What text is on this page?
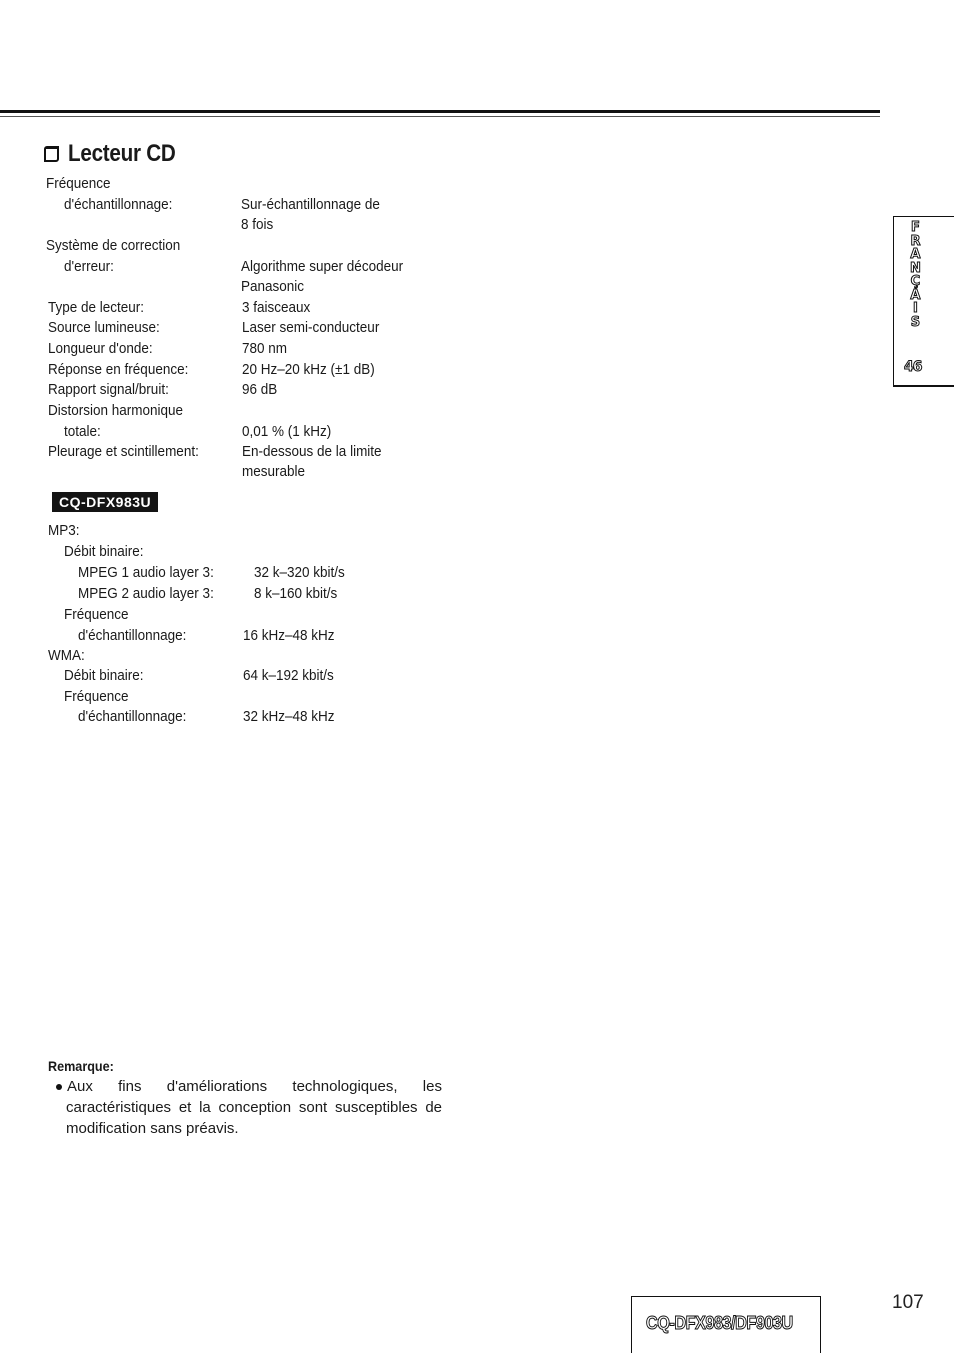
Lecteur CD
Fréquence
d'échantillonnage:	Sur-échantillonnage de
8 fois
Système de correction
d'erreur:	Algorithme super décodeur
Panasonic
Type de lecteur:	3 faisceaux
Source lumineuse:	Laser semi-conducteur
Longueur d'onde:	780 nm
Réponse en fréquence:	20 Hz–20 kHz (±1 dB)
Rapport signal/bruit:	96 dB
Distorsion harmonique
totale:	0,01 % (1 kHz)
Pleurage et scintillement:	En-dessous de la limite
mesurable
CQ-DFX983U
MP3:
Débit binaire:
MPEG 1 audio layer 3:	32 k–320 kbit/s
MPEG 2 audio layer 3:	8 k–160 kbit/s
Fréquence
d'échantillonnage:	16 kHz–48 kHz
WMA:
Débit binaire:	64 k–192 kbit/s
Fréquence
d'échantillonnage:	32 kHz–48 kHz
Remarque:
Aux fins d'améliorations technologiques, les
caractéristiques et la conception sont susceptibles de
modification sans préavis.
F
R
A
N
Ç
A
I
S
46
CQ-DFX983/DF903U
107
